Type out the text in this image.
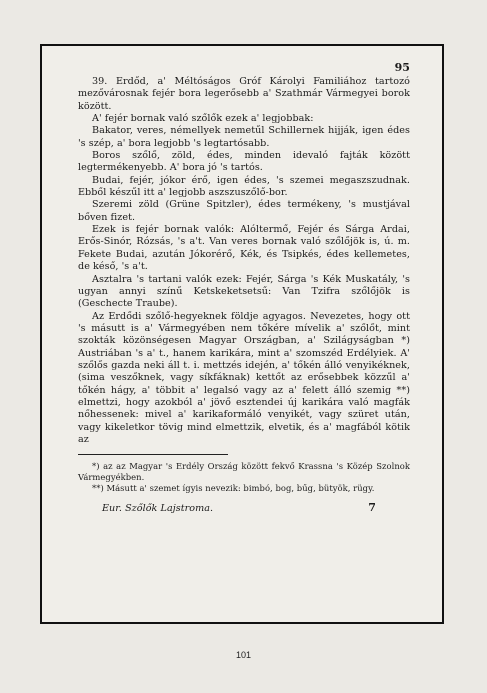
95

39. Erdőd, a' Méltóságos Gróf Károlyi Familiához tartozó mezővárosnak fejér bora legerősebb a' Szathmár Vármegyei borok között.

A' fejér bornak való szőlők ezek a' legjobbak:

Bakator, veres, némellyek nemetűl Schillernek hijják, igen édes 's szép, a' bora legjobb 's legtartósabb.

Boros szőlő, zöld, édes, minden idevaló fajták között legtermékenyebb. A' bora jó 's tartós.

Budai, fejér, jókor érő, igen édes, 's szemei megaszszudnak. Ebből készűl itt a' legjobb aszszuszőlő-bor.

Szeremi zöld (Grüne Spitzler), édes termékeny, 's mustjával bőven fizet.

Ezek is fejér bornak valók: Alóltermő, Fejér és Sárga Ardai, Erős-Sinór, Rózsás, 's a't. Van veres bornak való szőlőjök is, ú. m. Fekete Budai, azután Jókorérő, Kék, és Tsipkés, édes kellemetes, de késő, 's a't.

Asztalra 's tartani valók ezek: Fejér, Sárga 's Kék Muskatály, 's ugyan annyi színű Ketskeketsetsű: Van Tzifra szőlőjök is (Geschecte Traube).

Az Erdődi szőlő-hegyeknek földje agyagos. Nevezetes, hogy ott 's másutt is a' Vármegyében nem tőkére mívelik a' szőlőt, mint szokták közönségesen Magyar Országban, a' Szilágyságban *) Austriában 's a' t., hanem karikára, mint a' szomszéd Erdélyiek. A' szőlős gazda neki áll t. i. mettzés idején, a' tőkén álló venyikéknek, (sima veszőknek, vagy síkfáknak) kettőt az erősebbek közzűl a' tőkén hágy, a' többit a' legalsó vagy az a' felett álló szemig **) elmettzi, hogy azokból a' jövő esztendei új karikára való magfák nőhessenek: mivel a' karikaformáló venyikét, vagy szüret után, vagy kikeletkor tövig mind elmettzik, elvetik, és a' magfából kötik az

*) az az Magyar 's Erdély Ország között fekvő Krassna 's Közép Szolnok Vármegyékben.

**) Másutt a' szemet ígyis nevezik: bimbó, bog, bűg, bütyök, rügy.

Eur. Szőlők Lajstroma.	7
101
